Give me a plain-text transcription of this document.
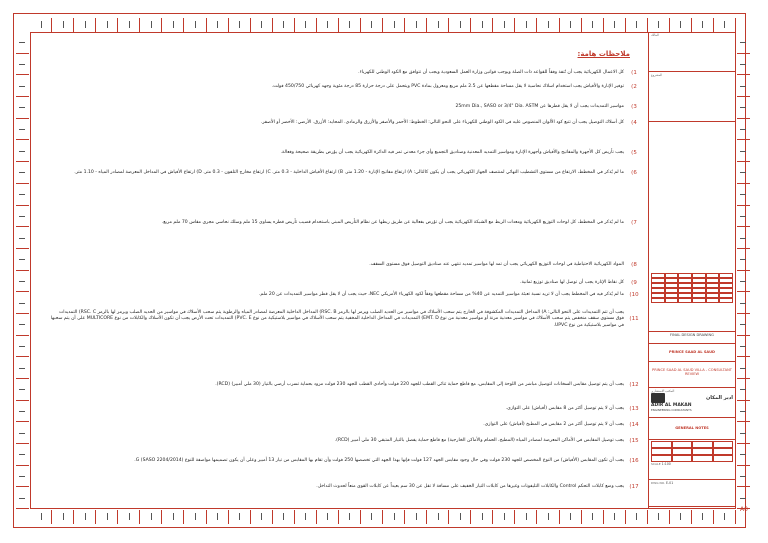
ملاحظات هامة:
1)
كل الاعمال الكهربائية يجب أن تُنفذ وفقاً للقواعد ذات الصلة ويوجب قوانين وزارة العمل السعودية ويجب أن تتوافق مع الكود الوطني للكهرباء.
2)
توفير الإنارة والأفياش يجب استخدام اسلاك نحاسية لا يقل مساحة مقطعها عن 2.5 ملم مربع ومعزول بمادة PVC ويتحمل على درجة حرارة 85 درجة مئوية وجهد كهربائي 450/750 فولت.
3)
مواسير التمديدات يجب أن لا يقل قطرها عن 25mm Dia., SASO or 3/4" Dia. ASTM
4)
كل أسلاك التوصيل يجب أن تتبع كود الألوان المنصوص عليه في الكود الوطني للكهرباء على النحو التالي: الخطوط: الأحمر والأصفر والأزرق والرمادي. المحايد: الأزرق. الأرضي: الأخضر أو الأصفر.
5)
يجب تأريض كل الأجهزة والمفاتيح والأفياش وأجهزة الإنارة ومواسير التمديد المعدنية وصناديق التجميع وأي جزء معدني تمر فيه الدائرة الكهربائية يجب أن يؤرض بطريقة صحيحة وفعالة.
6)
ما لم يُذكر في المخطط، الارتفاع من مستوى التشطيب النهائي لمنتصف الجهاز الكهربائي يجب أن يكون كالتالي: A) ارتفاع مفاتيح الإنارة - 1.20 متر. B) ارتفاع الأفياش الداخلية - 0.3 متر. C) ارتفاع مخارج التلفون - 0.3 متر. D) ارتفاع الأفياش في المداخل المعرضة لمصادر المياه - 1.10 متر.
7)
ما لم يُذكر في المخطط، كل لوحات التوزيع الكهربائية ومعدات الربط مع الشبكة الكهربائية يجب أن تؤرض بفعالية عن طريق ربطها عن نظام التأريض المبني باستخدام قضيب تأريض قطره يساوي 15 ملم وسلك نحاسي مجرى مقاس 70 ملم مربع.
8)
المواد الكهربائية الاحتياطية في لوحات التوزيع الكهربائي يجب أن تمد لها مواسير تمديد تنتهي عند صناديق التوصيل فوق مستوى السقف.
9)
كل نقاط الإنارة يجب أن توصل لها صناديق توزيع ثمانية.
10)
ما لم يُذكر فيه في المخطط يجب أن لا تزيد نسبة تعبئة مواسير التمديد عن 40% من مساحة مقطعها وفقاً لكود الكهرباء الأمريكي NEC، حيث يجب أن لا يقل قطر مواسير التمديدات عن 20 ملم.
11)
يجب أن تتم التمديدات على النحو التالي: A) المداخل التمديدات المكشوفة في الخارج يتم سحب الأسلاك في مواسير من الحديد الصلب ويرمز لها بالرمز RSC. B) المداخل الداخلية المعرضة لمصادر المياه والرطوبة يتم سحب الأسلاك في مواسير من الحديد الصلب ويرمز لها بالرمز RSC. C) التمديدات فوق مستوى سقف منخفض يتم سحب الأسلاك في مواسير معدنية مرنة أو مواسير معدنية من نوع EMT. D) التمديدات في المداخل الداخلية المخفية يتم سحب الأسلاك في مواسير بلاستيكية من نوع PVC. E) التمديدات تحت الأرض يجب أن تكون الأسلاك والكابلات من نوع MULTICORE على أن يتم سحبها في مواسير بلاستيكية من نوع UPVC.
12)
يجب أن يتم توصيل مقابس السخانات لتوصيل مباشر من اللوحة إلى المقابس، مع قاطع حماية ثنائي القطب للجهد 220 فولت وأحادي القطب للجهد 230 فولت مزود بحماية تسرب أرضي بالتيار (30 ملي أمبير) (RCD).
13)
يجب أن لا يتم توصيل أكثر من 8 مقابس (أفياش) على التوازي.
14)
يجب أن لا يتم توصيل أكثر من 2 مقابس في المطبخ (أفياش) على التوازي.
15)
يجب توصيل المقابس في الأماكن المعرضة لمصادر المياه (المطبخ، الحمام والأماكن الخارجية) مع قاطع حماية يفصل بالتيار المتبقي 30 ملي أمبير (RCD).
16)
يجب أن تكون المقابس (الأفياش) من النوع المخصص للجهد 230 فولت وفي حال وجود مقابس الجهد 127 فولت فإنها بهذا الجهد التي تخصصها 250 فولت وأن تقام بها المقابس من تيار 13 أمبير وعلى أن يكون تصميمها مواصفة للنوع G (SASO 2204/2014).
17)
يجب وضع كابلات التحكم Control والكابلات التليفونات وغيرها من كابلات التيار الخفيف على مسافة لا تقل عن 30 سم بعيداً عن كابلات القوى منعاً لحدوث التداخل.
المالك
المشروع
FINAL DESIGN DRAWING
PRINCE SAAD AL SAUD
PRINCE SAAD AL SAUD VILLA - CONSULTANT REVIEW
المكتب الاستشاري
ادير المكان
ADIR AL MAKAN
ENGINEERING CONSULTANTS
GENERAL NOTES
SCALE 1:100
DWG NO. E-01
A0
